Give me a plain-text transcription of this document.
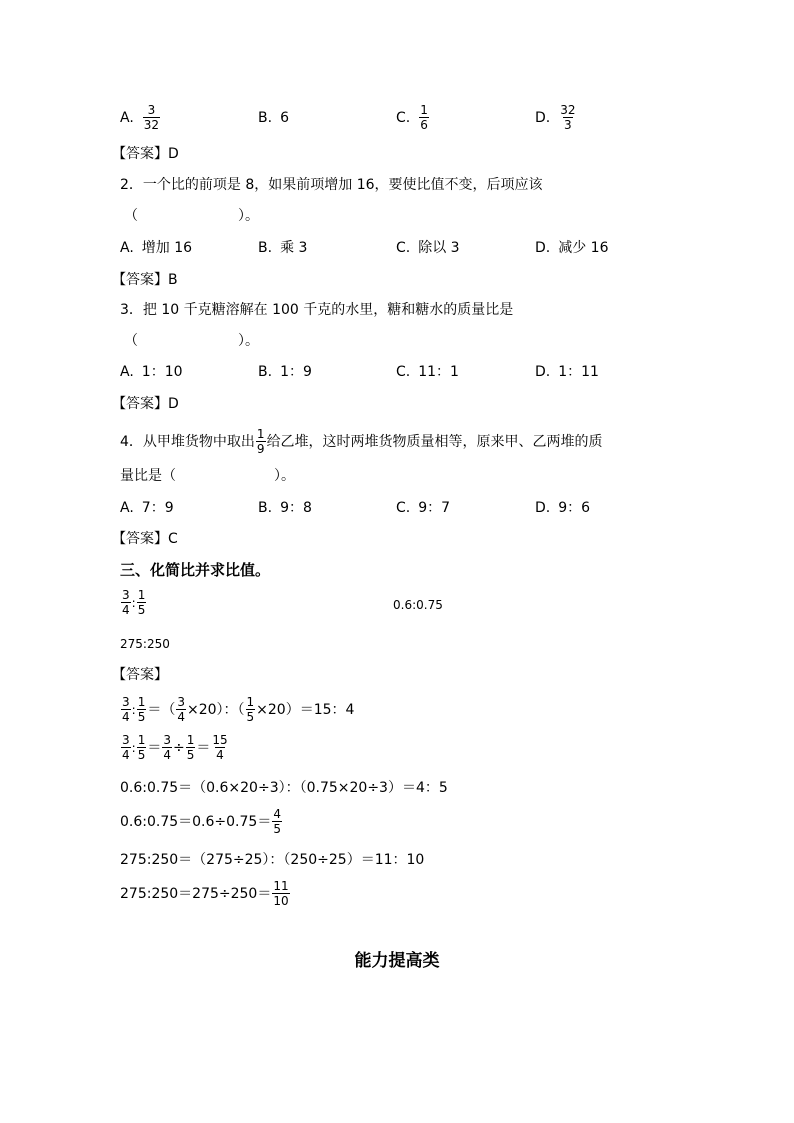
A. $\frac{3}{32}$	B. 6	C. $\frac{1}{6}$	D. $\frac{32}{3}$
【答案】D
2．一个比的前项是 8，如果前项增加 16，要使比值不变，后项应该
（	）。
A. 增加 16	B. 乘 3	C. 除以 3	D. 减少 16
【答案】B
3．把 10 千克糖溶解在 100 千克的水里，糖和糖水的质量比是
（	）。
A. 1：10	B. 1：9	C. 11：1	D. 1：11
【答案】D
4．从甲堆货物中取出 $\frac{1}{9}$ 给乙堆，这时两堆货物质量相等，原来甲、乙两堆的质
量比是（	）。
A. 7：9	B. 9：8	C. 9：7	D. 9：6
【答案】C
三、化简比并求比值。
$\frac{3}{4}$ : $\frac{1}{5}$	0.6:0.75
275:250
【答案】
$\frac{3}{4}$ : $\frac{1}{5}$ ＝（ $\frac{3}{4} \times 20$）：（ $\frac{1}{5} \times 20)=15$：4
$\frac{3}{4}$ : $\frac{1}{5} = \frac{3}{4} \div \frac{1}{5} = \frac{15}{4}$
0.6:0.75＝（0.6×20÷3）：（0.75×20÷3）＝4：5
0.6:0.75＝0.6÷0.75＝ $\frac{4}{5}$
275:250＝（275÷25）：（250÷25）＝11：10
275:250＝275÷250＝ $\frac{11}{10}$
能力提高类
